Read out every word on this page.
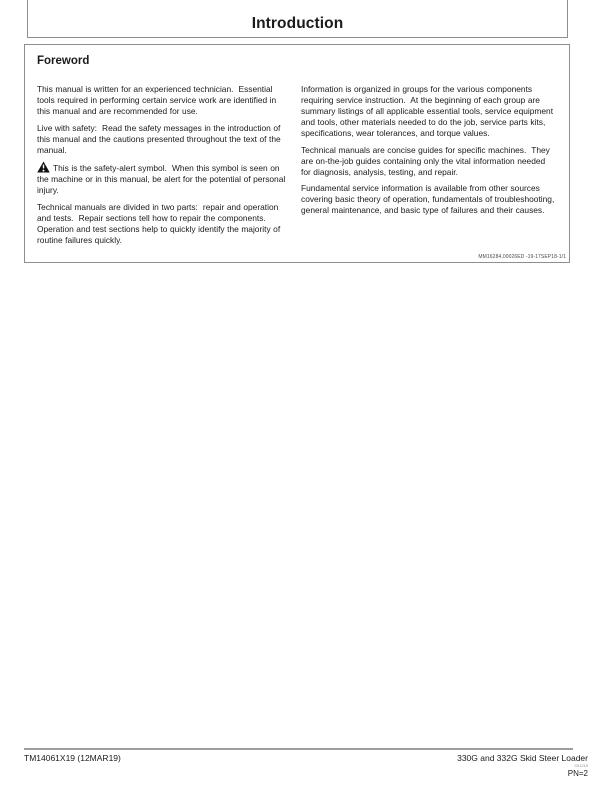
Introduction
Foreword

This manual is written for an experienced technician.  Essential tools required in performing certain service work are identified in this manual and are recommended for use.

Live with safety:  Read the safety messages in the introduction of this manual and the cautions presented throughout the text of the manual.

This is the safety-alert symbol.  When this symbol is seen on the machine or in this manual, be alert for the potential of personal injury.

Technical manuals are divided in two parts:  repair and operation and tests.  Repair sections tell how to repair the components.  Operation and test sections help to quickly identify the majority of routine failures quickly.

Information is organized in groups for the various components requiring service instruction.  At the beginning of each group are summary listings of all applicable essential tools, service equipment and tools, other materials needed to do the job, service parts kits, specifications, wear tolerances, and torque values.

Technical manuals are concise guides for specific machines.  They are on-the-job guides containing only the vital information needed for diagnosis, analysis, testing, and repair.

Fundamental service information is available from other sources covering basic theory of operation, fundamentals of troubleshooting, general maintenance, and basic type of failures and their causes.

MM16284,00026ED -19-17SEP18-1/1
TM14061X19 (12MAR19)	330G and 332G Skid Steer Loader
031219
PN=2
